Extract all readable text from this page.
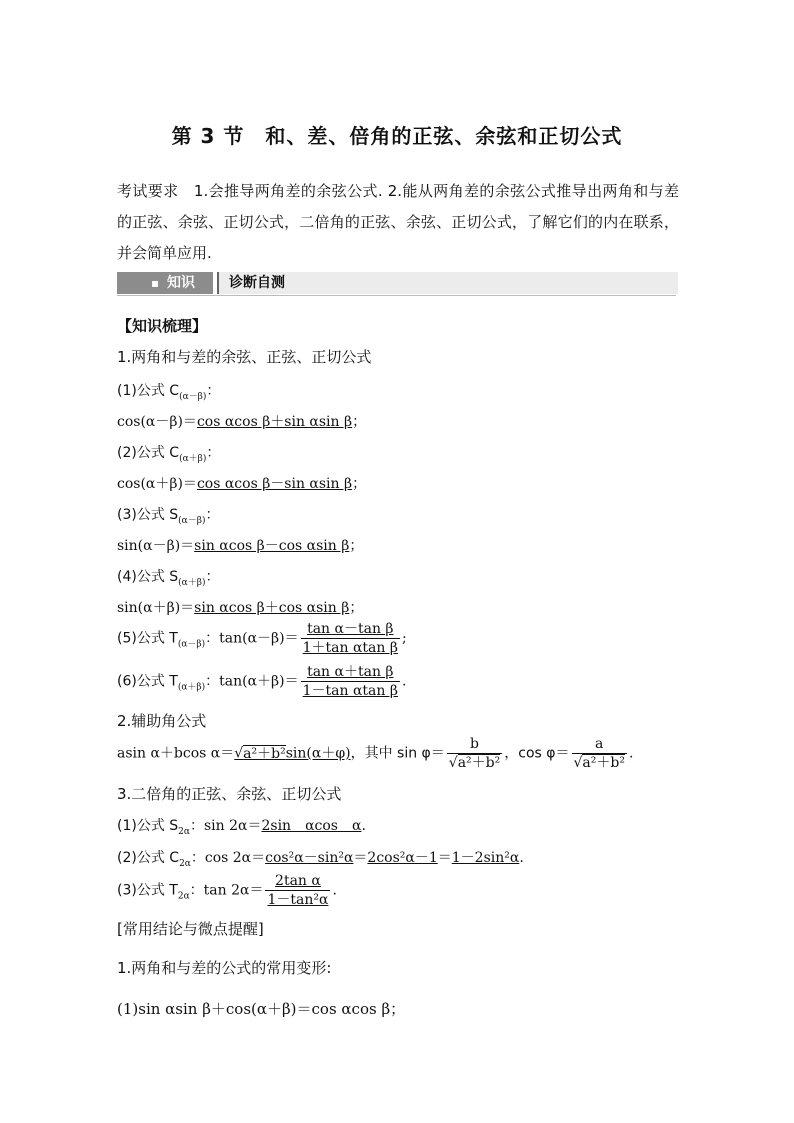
第 3 节　和、差、倍角的正弦、余弦和正切公式
考试要求　1.会推导两角差的余弦公式. 2.能从两角差的余弦公式推导出两角和与差的正弦、余弦、正切公式，二倍角的正弦、余弦、正切公式，了解它们的内在联系，并会简单应用.
▪ 知识	诊断自测
【知识梳理】
1.两角和与差的余弦、正弦、正切公式
(1)公式 $C_{(\alpha-\beta)}$：
cos(α－β)＝cos αcos β＋sin αsin β；
(2)公式 $C_{(\alpha+\beta)}$：
cos(α＋β)＝cos αcos β－sin αsin β；
(3)公式 $S_{(\alpha-\beta)}$：
sin(α－β)＝sin αcos β－cos αsin β；
(4)公式 $S_{(\alpha+\beta)}$：
sin(α＋β)＝sin αcos β＋cos αsin β；
(5)公式 $T_{(\alpha-\beta)}$：$\tan(\alpha-\beta)= \frac{\text{tan α－tan β}}{\text{1＋tan αtan β}}$ ;
(6)公式 $T_{(\alpha+\beta)}$：$\tan(\alpha+\beta)= \frac{\text{tan α＋tan β}}{\text{1－tan αtan β}}$ .
2.辅助角公式
asin α＋bcos α＝√a²＋b²sin(α＋φ)，其中 $\sin \varphi= \frac{b}{\text{√a²＋b²}}$ ，$\cos \varphi= \frac{a}{\text{√a²＋b²}}$ .
3.二倍角的正弦、余弦、正切公式
(1)公式 $S_{2\alpha}$：sin 2α＝2sin　αcos　α.
(2)公式 $C_{2\alpha}$：cos 2α＝cos²α－sin²α＝2cos²α－1＝1－2sin²α.
(3)公式 $T_{2\alpha}$：$\tan 2\alpha= \frac{\text{2tan α}}{\text{1－tan²α}}$ .
[常用结论与微点提醒]
1.两角和与差的公式的常用变形:
(1)sin αsin β＋cos(α＋β)＝cos αcos β；
